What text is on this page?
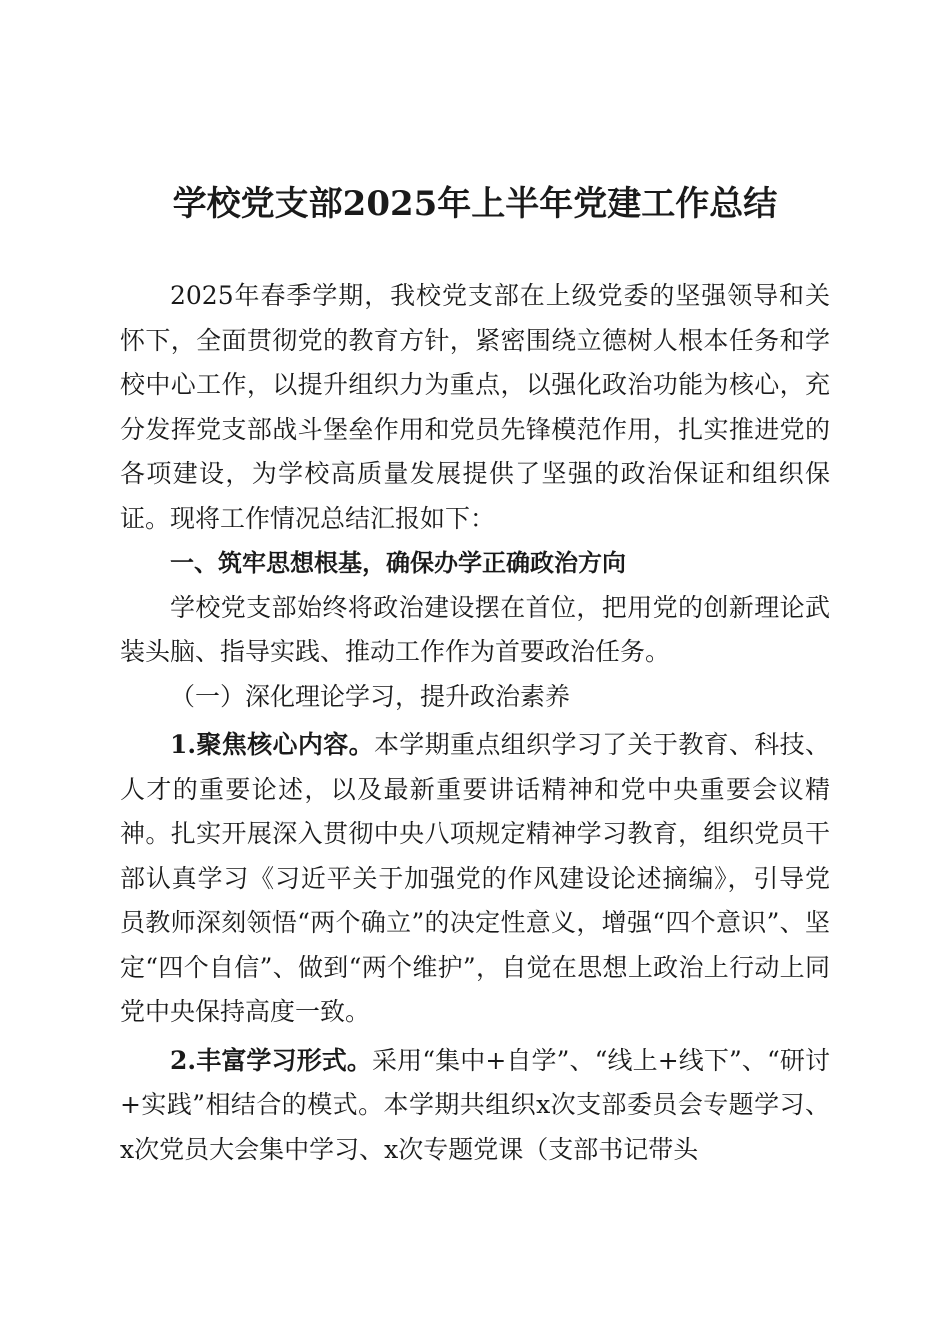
学校党支部2025年上半年党建工作总结

2025年春季学期，我校党支部在上级党委的坚强领导和关怀下，全面贯彻党的教育方针，紧密围绕立德树人根本任务和学校中心工作，以提升组织力为重点，以强化政治功能为核心，充分发挥党支部战斗堡垒作用和党员先锋模范作用，扎实推进党的各项建设，为学校高质量发展提供了坚强的政治保证和组织保证。现将工作情况总结汇报如下：

一、筑牢思想根基，确保办学正确政治方向

学校党支部始终将政治建设摆在首位，把用党的创新理论武装头脑、指导实践、推动工作作为首要政治任务。

（一）深化理论学习，提升政治素养

1.聚焦核心内容。本学期重点组织学习了关于教育、科技、人才的重要论述，以及最新重要讲话精神和党中央重要会议精神。扎实开展深入贯彻中央八项规定精神学习教育，组织党员干部认真学习《习近平关于加强党的作风建设论述摘编》，引导党员教师深刻领悟“两个确立”的决定性意义，增强“四个意识”、坚定“四个自信”、做到“两个维护”，自觉在思想上政治上行动上同党中央保持高度一致。

2.丰富学习形式。采用“集中+自学”、“线上+线下”、“研讨+实践”相结合的模式。本学期共组织x次支部委员会专题学习、x次党员大会集中学习、x次专题党课（支部书记带头
